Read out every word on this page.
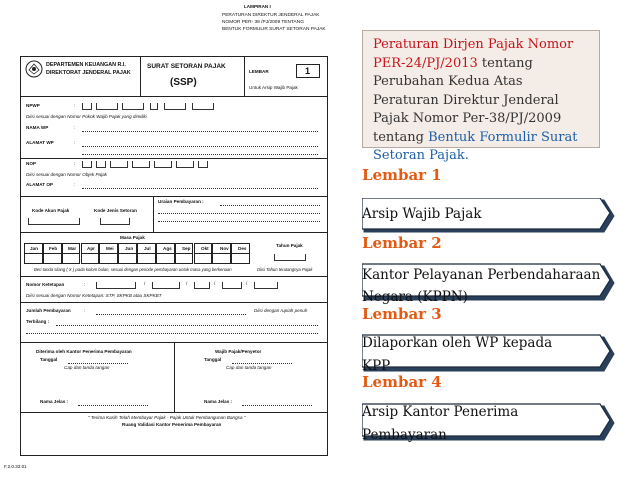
LAMPIRAN I
PERATURAN DIREKTUR JENDERAL PAJAK
NOMOR PER- 38 /PJ/2009 TENTANG
BENTUK FORMULIR SURAT SETORAN PAJAK
DEPARTEMEN KEUANGAN R.I.
DIREKTORAT JENDERAL PAJAK
SURAT SETORAN PAJAK
(SSP)
LEMBAR	1
Untuk Arsip Wajib Pajak
NPWP	:
Diisi sesuai dengan Nomor Pokok Wajib Pajak yang dimiliki
NAMA WP	:
ALAMAT WP	:
NOP	:
Diisi sesuai dengan Nomor Objek Pajak
ALAMAT OP	:
Kode Akun Pajak	Kode Jenis Setoran
Uraian Pembayaran :
Masa Pajak
Tahun Pajak
Jan Feb Mar Apr Mei Jun Jul	Ags Sep Okt Nov Des
Beri tanda silang ( X ) pada kolom bulan, sesuai dengan periode pembayaran untuk masa yang berkenaan	Diisi Tahun terutangnya Pajak
Nomor Ketetapan	:	/	/	/	/
Diisi sesuai dengan Nomor Ketetapan: STP, SKPKB atau SKPKBT
Jumlah Pembayaran	:	Diisi dengan rupiah penuh
Terbilang :
Diterima oleh Kantor Penerima Pembayaran	Wajib Pajak/Penyetor
Tanggal	Tanggal
Cap dan tanda tangan	Cap dan tanda tangan
Nama Jelas :	Nama Jelas :
" Terima Kasih Telah Membayar Pajak - Pajak Untuk Pembangunan Bangsa "
Ruang Validasi Kantor Penerima Pembayaran
F.2.0.32.01
Peraturan Dirjen Pajak Nomor PER-24/PJ/2013 tentang Perubahan Kedua Atas Peraturan Direktur Jenderal Pajak Nomor Per-38/PJ/2009 tentang Bentuk Formulir Surat Setoran Pajak.
Lembar 1
Arsip Wajib Pajak
Lembar 2
Kantor Pelayanan Perbendaharaan
Negara (KPPN)
Lembar 3
Dilaporkan oleh WP kepada
KPP
Lembar 4
Arsip Kantor Penerima
Pembayaran
